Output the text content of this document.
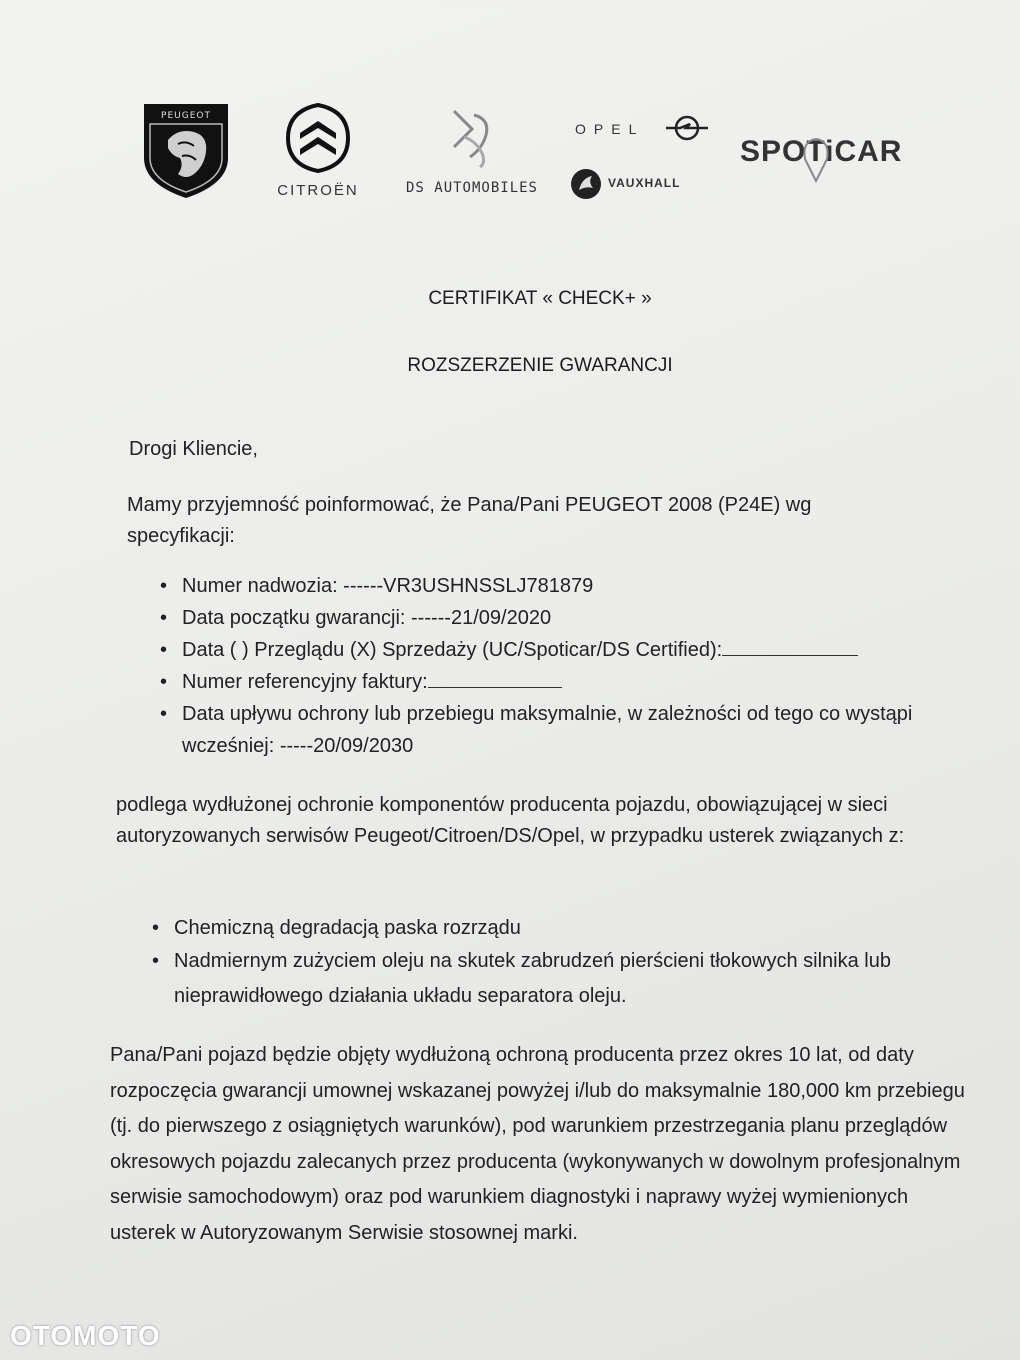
PEUGEOT
CITROËN	DS AUTOMOBILES
OPEL
VAUXHALL
SPOTiCAR
CERTIFIKAT « CHECK+ »
ROZSZERZENIE GWARANCJI
Drogi Kliencie,
Mamy przyjemność poinformować, że Pana/Pani PEUGEOT 2008 (P24E) wg specyfikacji:
• Numer nadwozia: ------VR3USHNSSLJ781879
• Data początku gwarancji: ------21/09/2020
• Data ( ) Przeglądu (X) Sprzedaży (UC/Spoticar/DS Certified):
• Numer referencyjny faktury:
• Data upływu ochrony lub przebiegu maksymalnie, w zależności od tego co wystąpi wcześniej: -----20/09/2030
podlega wydłużonej ochronie komponentów producenta pojazdu, obowiązującej w sieci autoryzowanych serwisów Peugeot/Citroen/DS/Opel, w przypadku usterek związanych z:
• Chemiczną degradacją paska rozrządu
• Nadmiernym zużyciem oleju na skutek zabrudzeń pierścieni tłokowych silnika lub nieprawidłowego działania układu separatora oleju.
Pana/Pani pojazd będzie objęty wydłużoną ochroną producenta przez okres 10 lat, od daty rozpoczęcia gwarancji umownej wskazanej powyżej i/lub do maksymalnie 180,000 km przebiegu (tj. do pierwszego z osiągniętych warunków), pod warunkiem przestrzegania planu przeglądów okresowych pojazdu zalecanych przez producenta (wykonywanych w dowolnym profesjonalnym serwisie samochodowym) oraz pod warunkiem diagnostyki i naprawy wyżej wymienionych usterek w Autoryzowanym Serwisie stosownej marki.
OTOMOTO
